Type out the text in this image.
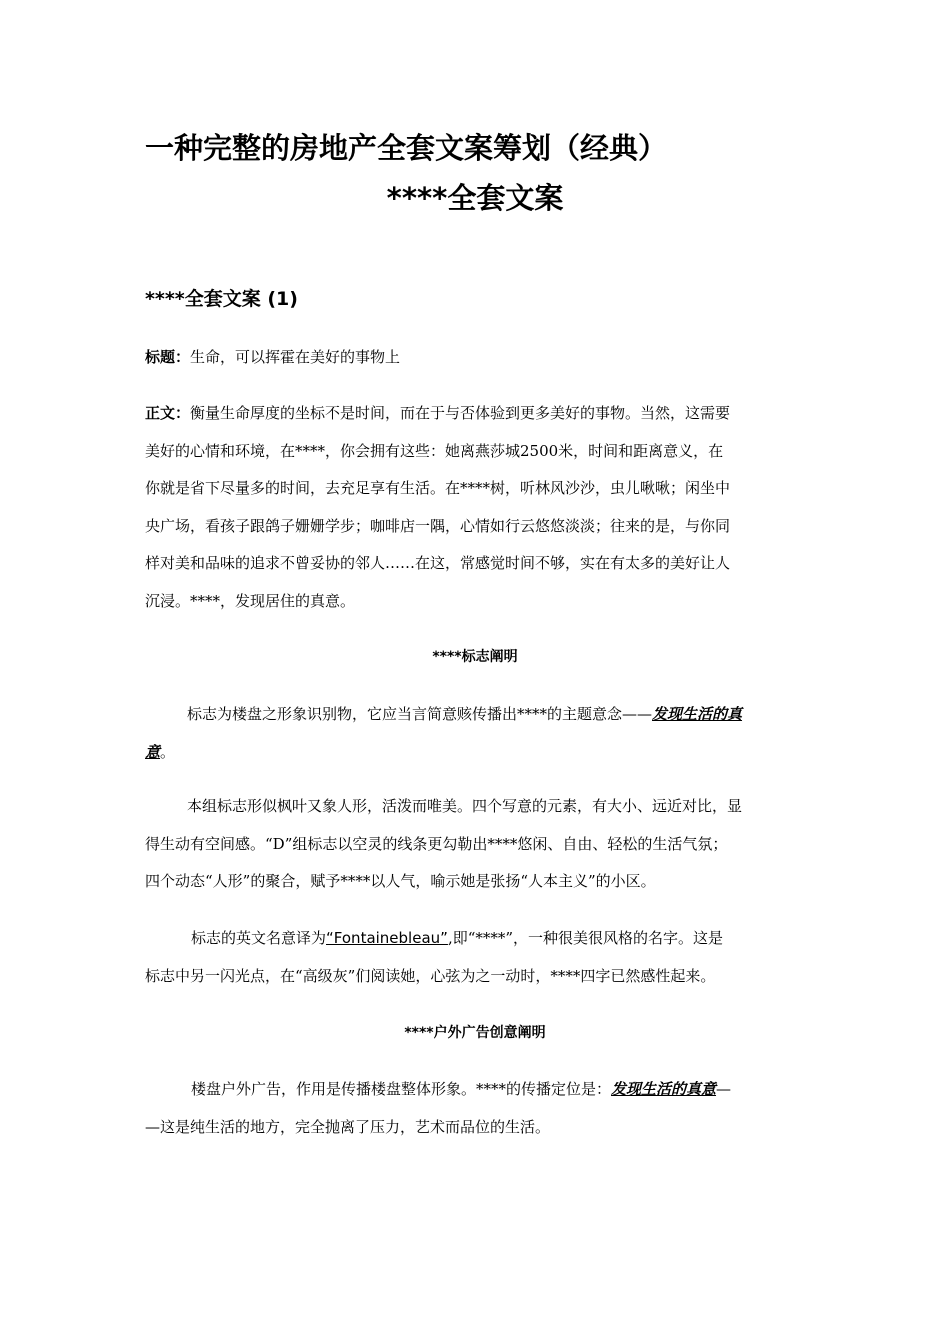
一种完整的房地产全套文案筹划（经典）
****全套文案
****全套文案 (1)
标题：生命，可以挥霍在美好的事物上
正文：衡量生命厚度的坐标不是时间，而在于与否体验到更多美好的事物。当然，这需要
美好的心情和环境，在****，你会拥有这些：她离燕莎城2500米，时间和距离意义，在
你就是省下尽量多的时间，去充足享有生活。在****树，听林风沙沙，虫儿啾啾；闲坐中
央广场，看孩子跟鸽子姗姗学步；咖啡店一隅，心情如行云悠悠淡淡；往来的是，与你同
样对美和品味的追求不曾妥协的邻人……在这，常感觉时间不够，实在有太多的美好让人
沉浸。****，发现居住的真意。
****标志阐明
标志为楼盘之形象识别物，它应当言简意赅传播出****的主题意念——发现生活的真
意。
本组标志形似枫叶又象人形，活泼而唯美。四个写意的元素，有大小、远近对比，显
得生动有空间感。“D”组标志以空灵的线条更勾勒出****悠闲、自由、轻松的生活气氛；
四个动态“人形”的聚合，赋予****以人气，喻示她是张扬“人本主义”的小区。
标志的英文名意译为“Fontainebleau”,即“****”，一种很美很风格的名字。这是
标志中另一闪光点，在“高级灰”们阅读她，心弦为之一动时，****四字已然感性起来。
****户外广告创意阐明
楼盘户外广告，作用是传播楼盘整体形象。****的传播定位是：发现生活的真意—
—这是纯生活的地方，完全抛离了压力，艺术而品位的生活。
